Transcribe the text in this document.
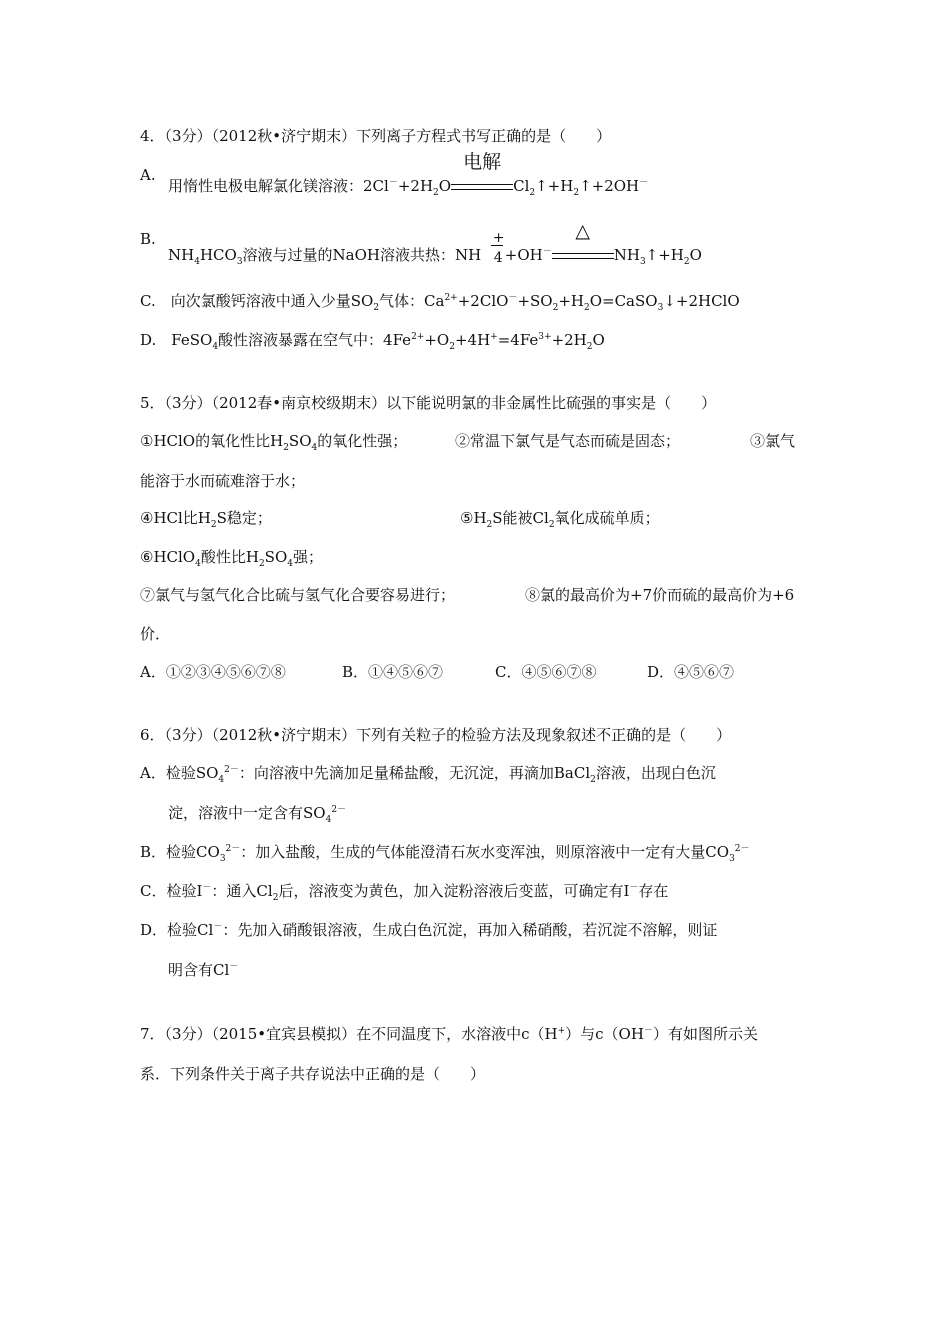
4．（3分）（2012秋•济宁期末）下列离子方程式书写正确的是（　　）
A.
用惰性电极电解氯化镁溶液：$2Cl^-+2H_2O$
电解
$Cl_2↑+H_2↑+2OH^-$
B.
$NH_4HCO_3$溶液与过量的NaOH溶液共热：NH $\frac{+}{4} +OH^-$
△
$NH_3↑+H_2O$
C.　向次氯酸钙溶液中通入少量$SO_2$气体：$Ca^{2+}+2ClO^-+SO_2+H_2O=CaSO_3↓+2HClO$
D.　FeSO$_4$酸性溶液暴露在空气中：$4Fe^{2+}+O_2+4H^+=4Fe^{3+}+2H_2O$
5．（3分）（2012春•南京校级期末）以下能说明氯的非金属性比硫强的事实是（　　）
①HClO的氧化性比$H_2SO_4$的氧化性强；	②常温下氯气是气态而硫是固态；	③氯气
能溶于水而硫难溶于水；
④HCl比$H_2S$稳定；	$⑤H_2S$能被$Cl_2$氧化成硫单质；
⑥HClO$_4$酸性比$H_2SO_4$强；
⑦氯气与氢气化合比硫与氢气化合要容易进行；	⑧氯的最高价为+7价而硫的最高价为+6
价．
A．①②③④⑤⑥⑦⑧	B．①④⑤⑥⑦	C．④⑤⑥⑦⑧	D．④⑤⑥⑦
6．（3分）（2012秋•济宁期末）下列有关粒子的检验方法及现象叙述不正确的是（　　）
A．检验$SO_4^{2-}$：向溶液中先滴加足量稀盐酸，无沉淀，再滴加BaCl$_2$溶液，出现白色沉
淀，溶液中一定含有$SO_4^{2-}$
B．检验$CO_3^{2-}$：加入盐酸，生成的气体能澄清石灰水变浑浊，则原溶液中一定有大量$CO_3^{2-}$
C．检验I－：通入$Cl_2$后，溶液变为黄色，加入淀粉溶液后变蓝，可确定有I－存在
D．检验Cl－：先加入硝酸银溶液，生成白色沉淀，再加入稀硝酸，若沉淀不溶解，则证
明含有Cl－
7．（3分）（2015•宜宾县模拟）在不同温度下，水溶液中c（H+）与c（OH－）有如图所示关
系．下列条件关于离子共存说法中正确的是（　　）
